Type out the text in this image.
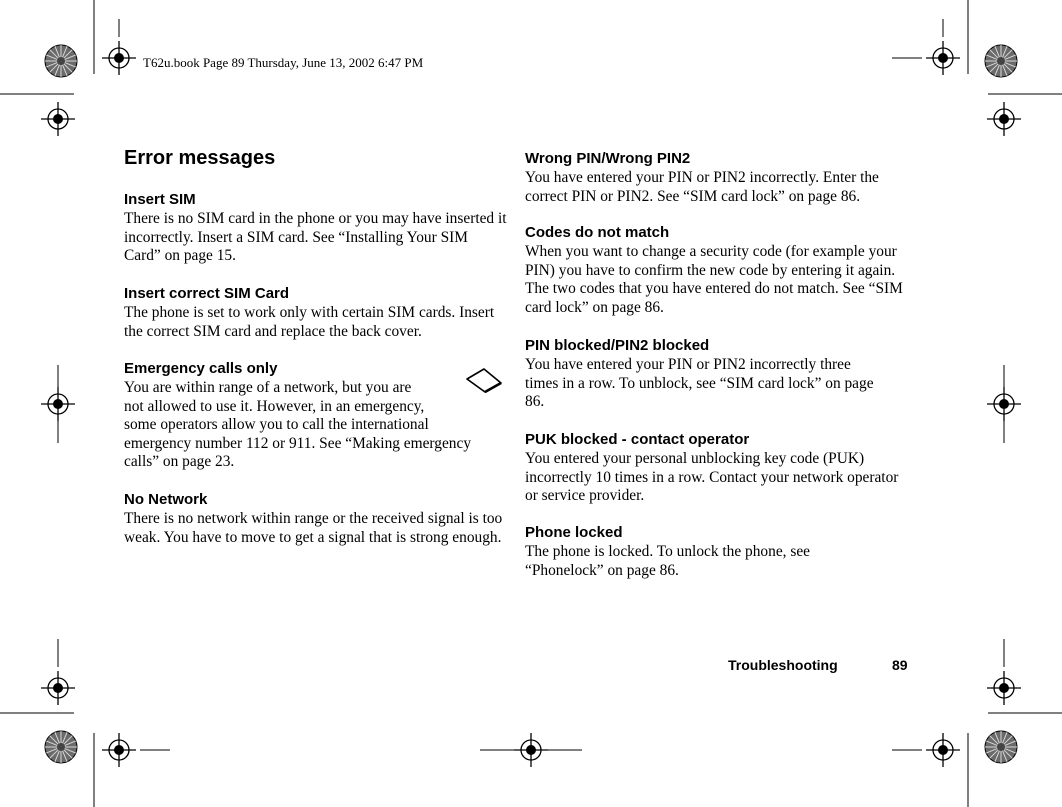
T62u.book Page 89 Thursday, June 13, 2002 6:47 PM
Error messages
Insert SIM

There is no SIM card in the phone or you may have inserted it incorrectly. Insert a SIM card. See “Installing Your SIM Card” on page 15.

Insert correct SIM Card

The phone is set to work only with certain SIM cards. Insert the correct SIM card and replace the back cover.

Emergency calls only

You are within range of a network, but you are
not allowed to use it. However, in an emergency,
some operators allow you to call the international
emergency number 112 or 911. See “Making emergency
calls” on page 23.

No Network

There is no network within range or the received signal is too weak. You have to move to get a signal that is strong enough.

Wrong PIN/Wrong PIN2

You have entered your PIN or PIN2 incorrectly. Enter the correct PIN or PIN2. See “SIM card lock” on page 86.

Codes do not match

When you want to change a security code (for example your PIN) you have to confirm the new code by entering it again. The two codes that you have entered do not match. See “SIM card lock” on page 86.

PIN blocked/PIN2 blocked

You have entered your PIN or PIN2 incorrectly three times in a row. To unblock, see “SIM card lock” on page 86.

PUK blocked - contact operator

You entered your personal unblocking key code (PUK) incorrectly 10 times in a row. Contact your network operator or service provider.

Phone locked

The phone is locked. To unlock the phone, see “Phonelock” on page 86.

Troubleshooting	89
